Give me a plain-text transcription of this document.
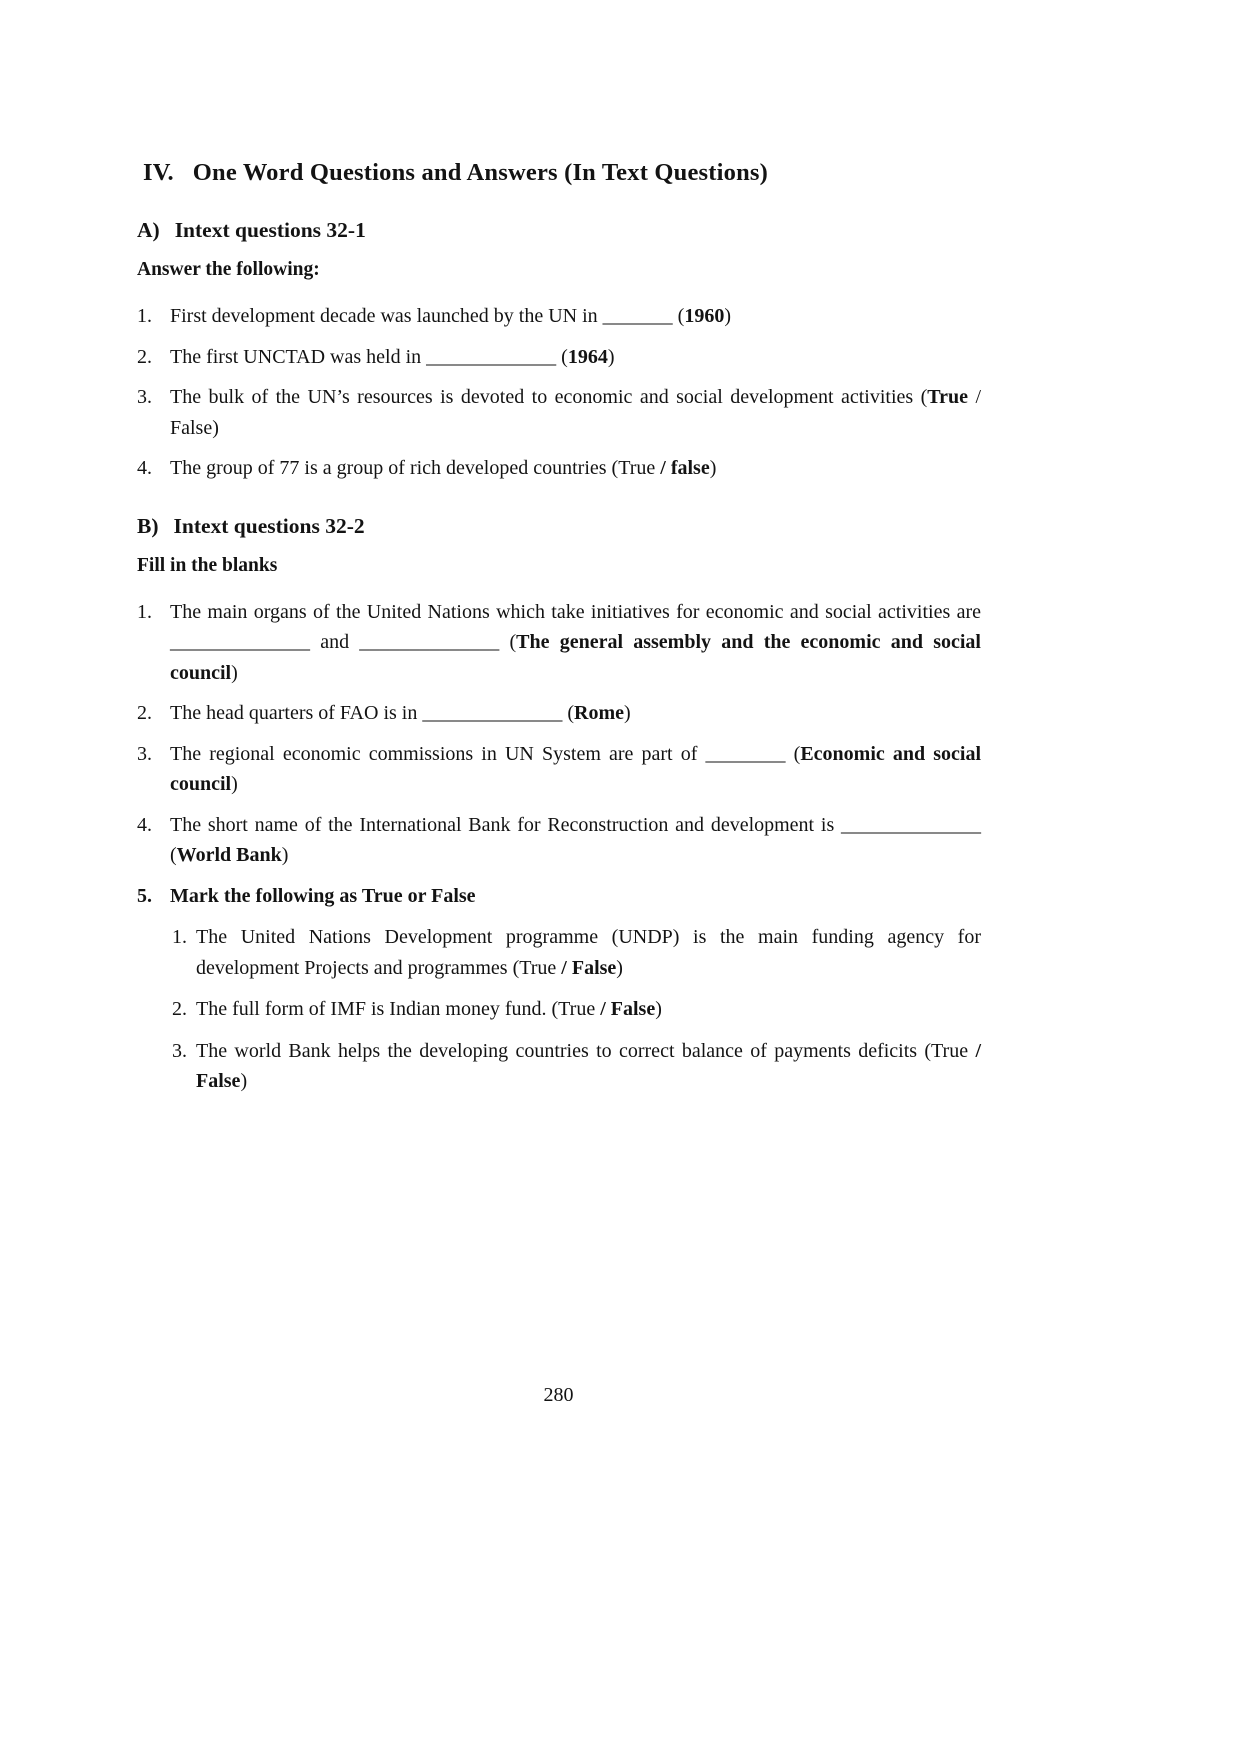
IV. One Word Questions and Answers (In Text Questions)
A) Intext questions 32-1
Answer the following:
1. First development decade was launched by the UN in _______ (1960)
2. The first UNCTAD was held in _____________ (1964)
3. The bulk of the UN’s resources is devoted to economic and social development activities (True / False)
4. The group of 77 is a group of rich developed countries (True / false)
B) Intext questions 32-2
Fill in the blanks
1. The main organs of the United Nations which take initiatives for economic and social activities are ______________ and ______________ (The general assembly and the economic and social council)
2. The head quarters of FAO is in ______________ (Rome)
3. The regional economic commissions in UN System are part of ________ (Economic and social council)
4. The short name of the International Bank for Reconstruction and development is ______________ (World Bank)
5. Mark the following as True or False
1. The United Nations Development programme (UNDP) is the main funding agency for development Projects and programmes (True / False)
2. The full form of IMF is Indian money fund. (True / False)
3. The world Bank helps the developing countries to correct balance of payments deficits (True / False)
280
